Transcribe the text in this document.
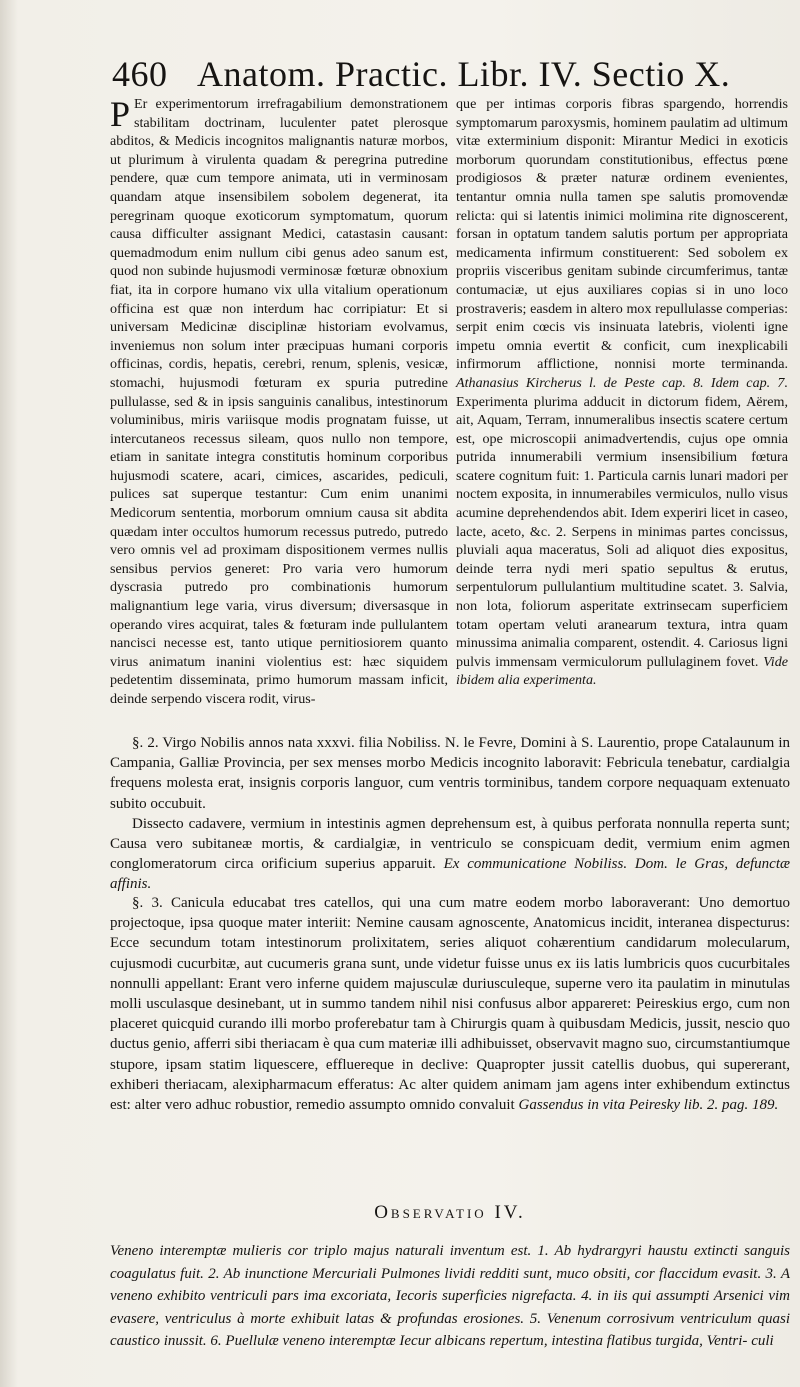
460 Anatom. Practic. Libr. IV. Sectio X.

P Er experimentorum irrefragabilium demonstrationem stabilitam doctrinam, luculenter patet plerosque abditos, & Medicis incognitos malignantis naturæ morbos, ut plurimum à virulenta quadam & peregrina putredine pendere, quæ cum tempore animata, uti in verminosam quandam atque insensibilem sobolem degenerat, ita peregrinam quoque exoticorum symptomatum, quorum causa difficulter assignant Medici, catastasin causant: quemadmodum enim nullum cibi genus adeo sanum est, quod non subinde hujusmodi verminosæ fœturæ obnoxium fiat, ita in corpore humano vix ulla vitalium operationum officina est quæ non interdum hac corripiatur: Et si universam Medicinæ disciplinæ historiam evolvamus, inveniemus non solum inter præcipuas humani corporis officinas, cordis, hepatis, cerebri, renum, splenis, vesicæ, stomachi, hujusmodi fœturam ex spuria putredine pullulasse, sed & in ipsis sanguinis canalibus, intestinorum voluminibus, miris variisque modis prognatam fuisse, ut intercutaneos recessus sileam, quos nullo non tempore, etiam in sanitate integra constitutis hominum corporibus hujusmodi scatere, acari, cimices, ascarides, pediculi, pulices sat superque testantur: Cum enim unanimi Medicorum sententia, morborum omnium causa sit abdita quædam inter occultos humorum recessus putredo, putredo vero omnis vel ad proximam dispositionem vermes nullis sensibus pervios generet: Pro varia vero humorum dyscrasia putredo pro combinationis humorum malignantium lege varia, virus diversum; diversasque in operando vires acquirat, tales & fœturam inde pullulantem nancisci necesse est, tanto utique pernitiosiorem quanto virus animatum inanini violentius est: hæc siquidem pedetentim disseminata, primo humorum massam inficit, deinde serpendo viscera rodit, virus-

que per intimas corporis fibras spargendo, horrendis symptomarum paroxysmis, hominem paulatim ad ultimum vitæ exterminium disponit: Mirantur Medici in exoticis morborum quorundam constitutionibus, effectus pœne prodigiosos & præter naturæ ordinem evenientes, tentantur omnia nulla tamen spe salutis promovendæ relicta: qui si latentis inimici molimina rite dignoscerent, forsan in optatum tandem salutis portum per appropriata medicamenta infirmum constituerent: Sed sobolem ex propriis visceribus genitam subinde circumferimus, tantæ contumaciæ, ut ejus auxiliares copias si in uno loco prostraveris; easdem in altero mox repullulasse comperias: serpit enim cœcis vis insinuata latebris, violenti igne impetu omnia evertit & conficit, cum inexplicabili infirmorum afflictione, nonnisi morte terminanda. Athanasius Kircherus l. de Peste cap. 8. Idem cap. 7. Experimenta plurima adducit in dictorum fidem, Aërem, ait, Aquam, Terram, innumeralibus insectis scatere certum est, ope microscopii animadvertendis, cujus ope omnia putrida innumerabili vermium insensibilium fœtura scatere cognitum fuit: 1. Particula carnis lunari madori per noctem exposita, in innumerabiles vermiculos, nullo visus acumine deprehendendos abit. Idem experiri licet in caseo, lacte, aceto, &c. 2. Serpens in minimas partes concissus, pluviali aqua maceratus, Soli ad aliquot dies expositus, deinde terra nydi meri spatio sepultus & erutus, serpentulorum pullulantium multitudine scatet. 3. Salvia, non lota, foliorum asperitate extrinsecam superficiem totam opertam veluti aranearum textura, intra quam minussima animalia comparent, ostendit. 4. Cariosus ligni pulvis immensam vermiculorum pullulaginem fovet. Vide ibidem alia experimenta.

§. 2. Virgo Nobilis annos nata xxxvi. filia Nobiliss. N. le Fevre, Domini à S. Laurentio, prope Catalaunum in Campania, Galliæ Provincia, per sex menses morbo Medicis incognito laboravit: Febricula tenebatur, cardialgia frequens molesta erat, insignis corporis languor, cum ventris torminibus, tandem corpore nequaquam extenuato subito occubuit.

Dissecto cadavere, vermium in intestinis agmen deprehensum est, à quibus perforata nonnulla reperta sunt; Causa vero subitaneæ mortis, & cardialgiæ, in ventriculo se conspicuam dedit, vermium enim agmen conglomeratorum circa orificium superius apparuit. Ex communicatione Nobiliss. Dom. le Gras, defunctæ affinis.

§. 3. Canicula educabat tres catellos, qui una cum matre eodem morbo laboraverant: Uno demortuo projectoque, ipsa quoque mater interiit: Nemine causam agnoscente, Anatomicus incidit, interanea dispecturus: Ecce secundum totam intestinorum prolixitatem, series aliquot cohærentium candidarum molecularum, cujusmodi cucurbitæ, aut cucumeris grana sunt, unde videtur fuisse unus ex iis latis lumbricis quos cucurbitales nonnulli appellant: Erant vero inferne quidem majusculæ duriusculeque, superne vero ita paulatim in minutulas molli usculasque desinebant, ut in summo tandem nihil nisi confusus albor appareret: Peireskius ergo, cum non placeret quicquid curando illi morbo proferebatur tam à Chirurgis quam à quibusdam Medicis, jussit, nescio quo ductus genio, afferri sibi theriacam è qua cum materiæ illi adhibuisset, observavit magno suo, circumstantiumque stupore, ipsam statim liquescere, effluereque in declive: Quapropter jussit catellis duobus, qui supererant, exhiberi theriacam, alexipharmacum efferatus: Ac alter quidem animam jam agens inter exhibendum extinctus est: alter vero adhuc robustior, remedio assumpto omnido convaluit Gassendus in vita Peiresky lib. 2. pag. 189.

Observatio IV.

Veneno interemptæ mulieris cor triplo majus naturali inventum est. 1. Ab hydrargyri haustu extincti sanguis coagulatus fuit. 2. Ab inunctione Mercuriali Pulmones lividi redditi sunt, muco obsiti, cor flaccidum evasit. 3. A veneno exhibito ventriculi pars ima excoriata, Iecoris superficies nigrefacta. 4. in iis qui assumpti Arsenici vim evasere, ventriculus à morte exhibuit latas & profundas erosiones. 5. Venenum corrosivum ventriculum quasi caustico inussit. 6. Puellulæ veneno interemptæ Iecur albicans repertum, intestina flatibus turgida, Ventri- culi
